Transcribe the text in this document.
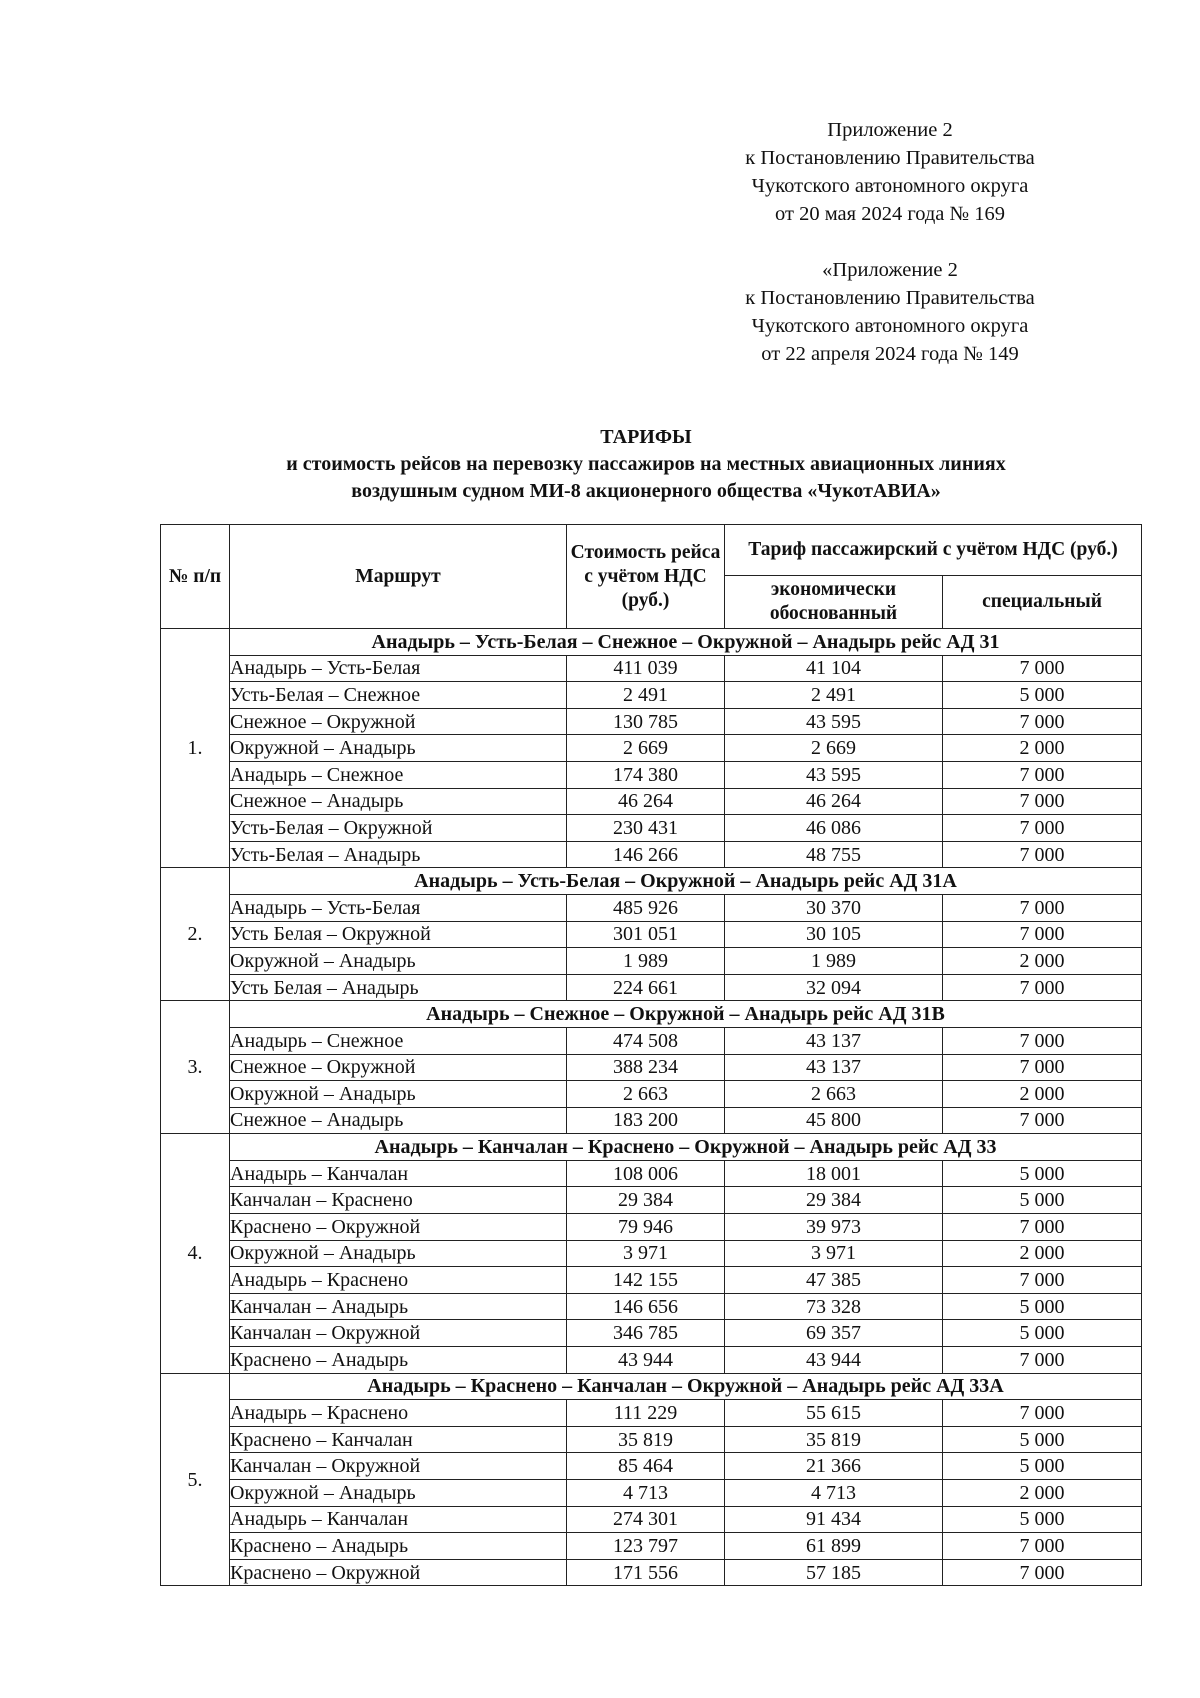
Приложение 2
к Постановлению Правительства
Чукотского автономного округа
от 20 мая 2024 года № 169
«Приложение 2
к Постановлению Правительства
Чукотского автономного округа
от 22 апреля 2024 года № 149
ТАРИФЫ
и стоимость рейсов на перевозку пассажиров на местных авиационных линиях
воздушным судном МИ-8 акционерного общества «ЧукотАВИА»
№ п/п	Маршрут	Стоимость рейса с учётом НДС (руб.)	Тариф пассажирский с учётом НДС (руб.)	
			экономически обоснованный	специальный
1.	Анадырь – Усть-Белая – Снежное – Окружной – Анадырь рейс АД 31			
	Анадырь – Усть-Белая	411 039	41 104	7 000
	Усть-Белая – Снежное	2 491	2 491	5 000
	Снежное – Окружной	130 785	43 595	7 000
	Окружной – Анадырь	2 669	2 669	2 000
	Анадырь – Снежное	174 380	43 595	7 000
	Снежное – Анадырь	46 264	46 264	7 000
	Усть-Белая – Окружной	230 431	46 086	7 000
	Усть-Белая – Анадырь	146 266	48 755	7 000
2.	Анадырь – Усть-Белая – Окружной – Анадырь рейс АД 31А			
	Анадырь – Усть-Белая	485 926	30 370	7 000
	Усть Белая – Окружной	301 051	30 105	7 000
	Окружной – Анадырь	1 989	1 989	2 000
	Усть Белая – Анадырь	224 661	32 094	7 000
3.	Анадырь – Снежное – Окружной – Анадырь рейс АД 31В			
	Анадырь – Снежное	474 508	43 137	7 000
	Снежное – Окружной	388 234	43 137	7 000
	Окружной – Анадырь	2 663	2 663	2 000
	Снежное – Анадырь	183 200	45 800	7 000
4.	Анадырь – Канчалан – Краснено – Окружной – Анадырь рейс АД 33			
	Анадырь – Канчалан	108 006	18 001	5 000
	Канчалан – Краснено	29 384	29 384	5 000
	Краснено – Окружной	79 946	39 973	7 000
	Окружной – Анадырь	3 971	3 971	2 000
	Анадырь – Краснено	142 155	47 385	7 000
	Канчалан – Анадырь	146 656	73 328	5 000
	Канчалан – Окружной	346 785	69 357	5 000
	Краснено – Анадырь	43 944	43 944	7 000
5.	Анадырь – Краснено – Канчалан – Окружной – Анадырь рейс АД 33А			
	Анадырь – Краснено	111 229	55 615	7 000
	Краснено – Канчалан	35 819	35 819	5 000
	Канчалан – Окружной	85 464	21 366	5 000
	Окружной – Анадырь	4 713	4 713	2 000
	Анадырь – Канчалан	274 301	91 434	5 000
	Краснено – Анадырь	123 797	61 899	7 000
	Краснено – Окружной	171 556	57 185	7 000
